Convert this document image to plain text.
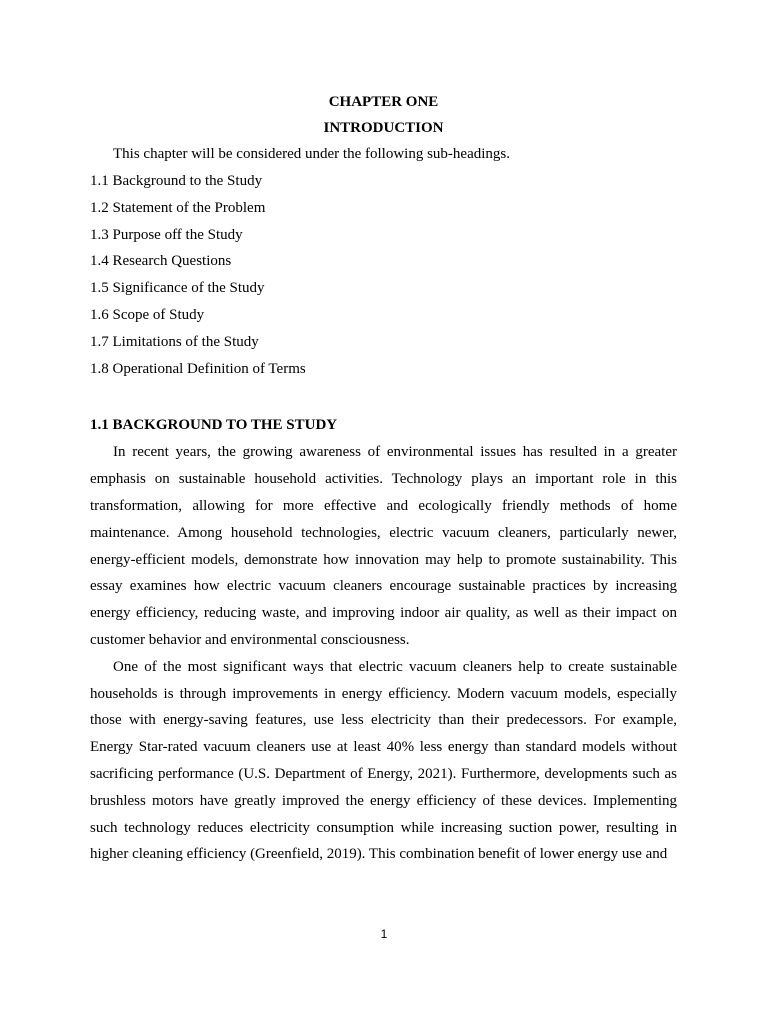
CHAPTER ONE

INTRODUCTION

This chapter will be considered under the following sub-headings.

1.1 Background to the Study
1.2 Statement of the Problem
1.3 Purpose off the Study
1.4 Research Questions
1.5 Significance of the Study
1.6 Scope of Study
1.7 Limitations of the Study
1.8 Operational Definition of Terms

1.1 BACKGROUND TO THE STUDY

In recent years, the growing awareness of environmental issues has resulted in a greater emphasis on sustainable household activities. Technology plays an important role in this transformation, allowing for more effective and ecologically friendly methods of home maintenance. Among household technologies, electric vacuum cleaners, particularly newer, energy-efficient models, demonstrate how innovation may help to promote sustainability. This essay examines how electric vacuum cleaners encourage sustainable practices by increasing energy efficiency, reducing waste, and improving indoor air quality, as well as their impact on customer behavior and environmental consciousness.

One of the most significant ways that electric vacuum cleaners help to create sustainable households is through improvements in energy efficiency. Modern vacuum models, especially those with energy-saving features, use less electricity than their predecessors. For example, Energy Star-rated vacuum cleaners use at least 40% less energy than standard models without sacrificing performance (U.S. Department of Energy, 2021). Furthermore, developments such as brushless motors have greatly improved the energy efficiency of these devices. Implementing such technology reduces electricity consumption while increasing suction power, resulting in higher cleaning efficiency (Greenfield, 2019). This combination benefit of lower energy use and

1
